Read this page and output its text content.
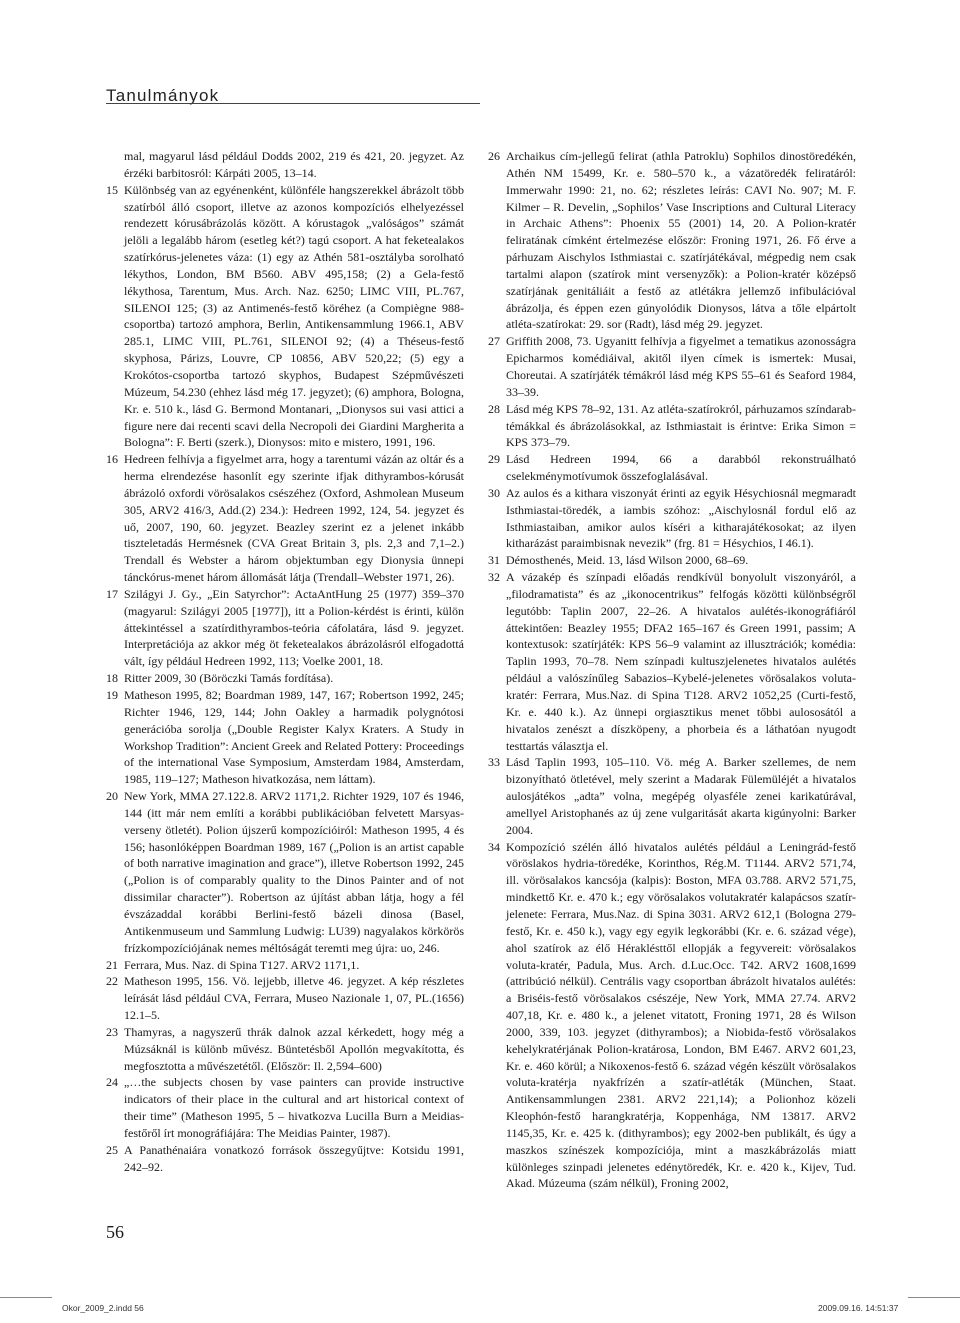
Tanulmányok

mal, magyarul lásd például Dodds 2002, 219 és 421, 20. jegyzet. Az érzéki barbitosról: Kárpáti 2005, 13–14.

15 Különbség van az egyénenként, különféle hangszerekkel ábrázolt több szatírból álló csoport, illetve az azonos kompozíciós elhelyezéssel rendezett kórusábrázolás között. A kórustagok „valóságos” számát jelöli a legalább három (esetleg két?) tagú csoport. A hat feketealakos szatírkórus-jelenetes váza: (1) egy az Athén 581-osztályba sorolható lékythos, London, BM B560. ABV 495,158; (2) a Gela-festő lékythosa, Tarentum, Mus. Arch. Naz. 6250; LIMC VIII, PL.767, SILENOI 125; (3) az Antimenés-festő köréhez (a Compiègne 988-csoportba) tartozó amphora, Berlin, Antikensammlung 1966.1, ABV 285.1, LIMC VIII, PL.761, SILENOI 92; (4) a Théseus-festő skyphosa, Párizs, Louvre, CP 10856, ABV 520,22; (5) egy a Krokótos-csoportba tartozó skyphos, Budapest Szépművészeti Múzeum, 54.230 (ehhez lásd még 17. jegyzet); (6) amphora, Bologna, Kr. e. 510 k., lásd G. Bermond Montanari, „Dionysos sui vasi attici a figure nere dai recenti scavi della Necropoli dei Giardini Margherita a Bologna”: F. Berti (szerk.), Dionysos: mito e mistero, 1991, 196.
16 Hedreen felhívja a figyelmet arra, hogy a tarentumi vázán az oltár és a herma elrendezése hasonlít egy szerinte ifjak dithyrambos-kórusát ábrázoló oxfordi vörösalakos csészéhez (Oxford, Ashmolean Museum 305, ARV2 416/3, Add.(2) 234.): Hedreen 1992, 124, 54. jegyzet és uő, 2007, 190, 60. jegyzet. Beazley szerint ez a jelenet inkább tiszteletadás Hermésnek (CVA Great Britain 3, pls. 2,3 and 7,1–2.) Trendall és Webster a három objektumban egy Dionysia ünnepi tánckórus-menet három állomását látja (Trendall–Webster 1971, 26).
17 Szilágyi J. Gy., „Ein Satyrchor”: ActaAntHung 25 (1977) 359–370 (magyarul: Szilágyi 2005 [1977]), itt a Polion-kérdést is érinti, külön áttekintéssel a szatírdithyrambos-teória cáfolatára, lásd 9. jegyzet. Interpretációja az akkor még öt feketealakos ábrázolásról elfogadottá vált, így például Hedreen 1992, 113; Voelke 2001, 18.
18 Ritter 2009, 30 (Böröczki Tamás fordítása).
19 Matheson 1995, 82; Boardman 1989, 147, 167; Robertson 1992, 245; Richter 1946, 129, 144; John Oakley a harmadik polygnótosi generációba sorolja („Double Register Kalyx Kraters. A Study in Workshop Tradition”: Ancient Greek and Related Pottery: Proceedings of the international Vase Symposium, Amsterdam 1984, Amsterdam, 1985, 119–127; Matheson hivatkozása, nem láttam).
20 New York, MMA 27.122.8. ARV2 1171,2. Richter 1929, 107 és 1946, 144 (itt már nem említi a korábbi publikációban felvetett Marsyas-verseny ötletét). Polion újszerű kompozícióiról: Matheson 1995, 4 és 156; hasonlóképpen Boardman 1989, 167 („Polion is an artist capable of both narrative imagination and grace”), illetve Robertson 1992, 245 („Polion is of comparably quality to the Dinos Painter and of not dissimilar character”). Robertson az újítást abban látja, hogy a fél évszázaddal korábbi Berlini-festő bázeli dinosa (Basel, Antikenmuseum und Sammlung Ludwig: LU39) nagyalakos körkörös frízkompozíciójának nemes méltóságát teremti meg újra: uo, 246.
21 Ferrara, Mus. Naz. di Spina T127. ARV2 1171,1.
22 Matheson 1995, 156. Vö. lejjebb, illetve 46. jegyzet. A kép részletes leírását lásd például CVA, Ferrara, Museo Nazionale 1, 07, PL.(1656) 12.1–5.
23 Thamyras, a nagyszerű thrák dalnok azzal kérkedett, hogy még a Múzsáknál is különb művész. Büntetésből Apollón megvakította, és megfosztotta a művészetétől. (Először: Il. 2,594–600)
24 „…the subjects chosen by vase painters can provide instructive indicators of their place in the cultural and art historical context of their time” (Matheson 1995, 5 – hivatkozva Lucilla Burn a Meidias-festőről írt monográfiájára: The Meidias Painter, 1987).
25 A Panathénaiára vonatkozó források összegyűjtve: Kotsidu 1991, 242–92.
26 Archaikus cím-jellegű felirat (athla Patroklu) Sophilos dinostöredékén, Athén NM 15499, Kr. e. 580–570 k., a vázatöredék feliratáról: Immerwahr 1990: 21, no. 62; részletes leírás: CAVI No. 907; M. F. Kilmer – R. Develin, „Sophilos’ Vase Inscriptions and Cultural Literacy in Archaic Athens”: Phoenix 55 (2001) 14, 20. A Polion-kratér feliratának címként értelmezése először: Froning 1971, 26. Fő érve a párhuzam Aischylos Isthmiastai c. szatírjátékával, mégpedig nem csak tartalmi alapon (szatírok mint versenyzők): a Polion-kratér középső szatírjának genitáliáit a festő az atlétákra jellemző infibulációval ábrázolja, és éppen ezen gúnyolódik Dionysos, látva a tőle elpártolt atléta-szatírokat: 29. sor (Radt), lásd még 29. jegyzet.
27 Griffith 2008, 73. Ugyanitt felhívja a figyelmet a tematikus azonosságra Epicharmos komédiáival, akitől ilyen címek is ismertek: Musai, Choreutai. A szatírjáték témákról lásd még KPS 55–61 és Seaford 1984, 33–39.
28 Lásd még KPS 78–92, 131. Az atléta-szatírokról, párhuzamos színdarab-témákkal és ábrázolásokkal, az Isthmiastait is érintve: Erika Simon = KPS 373–79.
29 Lásd Hedreen 1994, 66 a darabból rekonstruálható cselekménymotívumok összefoglalásával.
30 Az aulos és a kithara viszonyát érinti az egyik Hésychiosnál megmaradt Isthmiastai-töredék, a iambis szóhoz: „Aischylosnál fordul elő az Isthmiastaiban, amikor aulos kíséri a kitharajátékosokat; az ilyen kitharázást paraimbisnak nevezik” (frg. 81 = Hésychios, I 46.1).
31 Démosthenés, Meid. 13, lásd Wilson 2000, 68–69.
32 A vázakép és színpadi előadás rendkívül bonyolult viszonyáról, a „filodramatista” és az „ikonocentrikus” felfogás közötti különbségről legutóbb: Taplin 2007, 22–26. A hivatalos aulétés-ikonográfiáról áttekintően: Beazley 1955; DFA2 165–167 és Green 1991, passim; A kontextusok: szatírjáték: KPS 56–9 valamint az illusztrációk; komédia: Taplin 1993, 70–78. Nem színpadi kultuszjelenetes hivatalos aulétés például a valószínűleg Sabazios–Kybelé-jelenetes vörösalakos voluta-kratér: Ferrara, Mus.Naz. di Spina T128. ARV2 1052,25 (Curti-festő, Kr. e. 440 k.). Az ünnepi orgiasztikus menet tőbbi aulososától a hivatalos zenészt a díszköpeny, a phorbeia és a láthatóan nyugodt testtartás választja el.
33 Lásd Taplin 1993, 105–110. Vö. még A. Barker szellemes, de nem bizonyítható ötletével, mely szerint a Madarak Fülemüléjét a hivatalos aulosjátékos „adta” volna, megépég olyasféle zenei karikatúrával, amellyel Aristophanés az új zene vulgaritását akarta kigúnyolni: Barker 2004.
34 Kompozíció szélén álló hivatalos aulétés például a Leningrád-festő vöröslakos hydria-töredéke, Korinthos, Rég.M. T1144. ARV2 571,74, ill. vörösalakos kancsója (kalpis): Boston, MFA 03.788. ARV2 571,75, mindkettő Kr. e. 470 k.; egy vörösalakos volutakratér kalapácsos szatír-jelenete: Ferrara, Mus.Naz. di Spina 3031. ARV2 612,1 (Bologna 279-festő, Kr. e. 450 k.), vagy egy egyik legkorábbi (Kr. e. 6. század vége), ahol szatírok az élő Héraklésttől ellopják a fegyvereit: vörösalakos voluta-kratér, Padula, Mus. Arch. d.Luc.Occ. T42. ARV2 1608,1699 (attribúció nélkül). Centrális vagy csoportban ábrázolt hivatalos aulétés: a Briséis-festő vörösalakos csészéje, New York, MMA 27.74. ARV2 407,18, Kr. e. 480 k., a jelenet vitatott, Froning 1971, 28 és Wilson 2000, 339, 103. jegyzet (dithyrambos); a Niobida-festő vörösalakos kehelykratérjának Polion-kratárosa, London, BM E467. ARV2 601,23, Kr. e. 460 körül; a Nikoxenos-festő 6. század végén készült vörösalakos voluta-kratérja nyakfrízén a szatír-atléták (München, Staat. Antikensammlungen 2381. ARV2 221,14); a Polionhoz közeli Kleophón-festő harangkratérja, Koppenhága, NM 13817. ARV2 1145,35, Kr. e. 425 k. (dithyrambos); egy 2002-ben publikált, és úgy a maszkos színészek kompozíciója, mint a maszkábrázolás miatt különleges szinpadi jelenetes edénytöredék, Kr. e. 420 k., Kijev, Tud. Akad. Múzeuma (szám nélkül), Froning 2002,
56
Okor_2009_2.indd 56	2009.09.16. 14:51:37
